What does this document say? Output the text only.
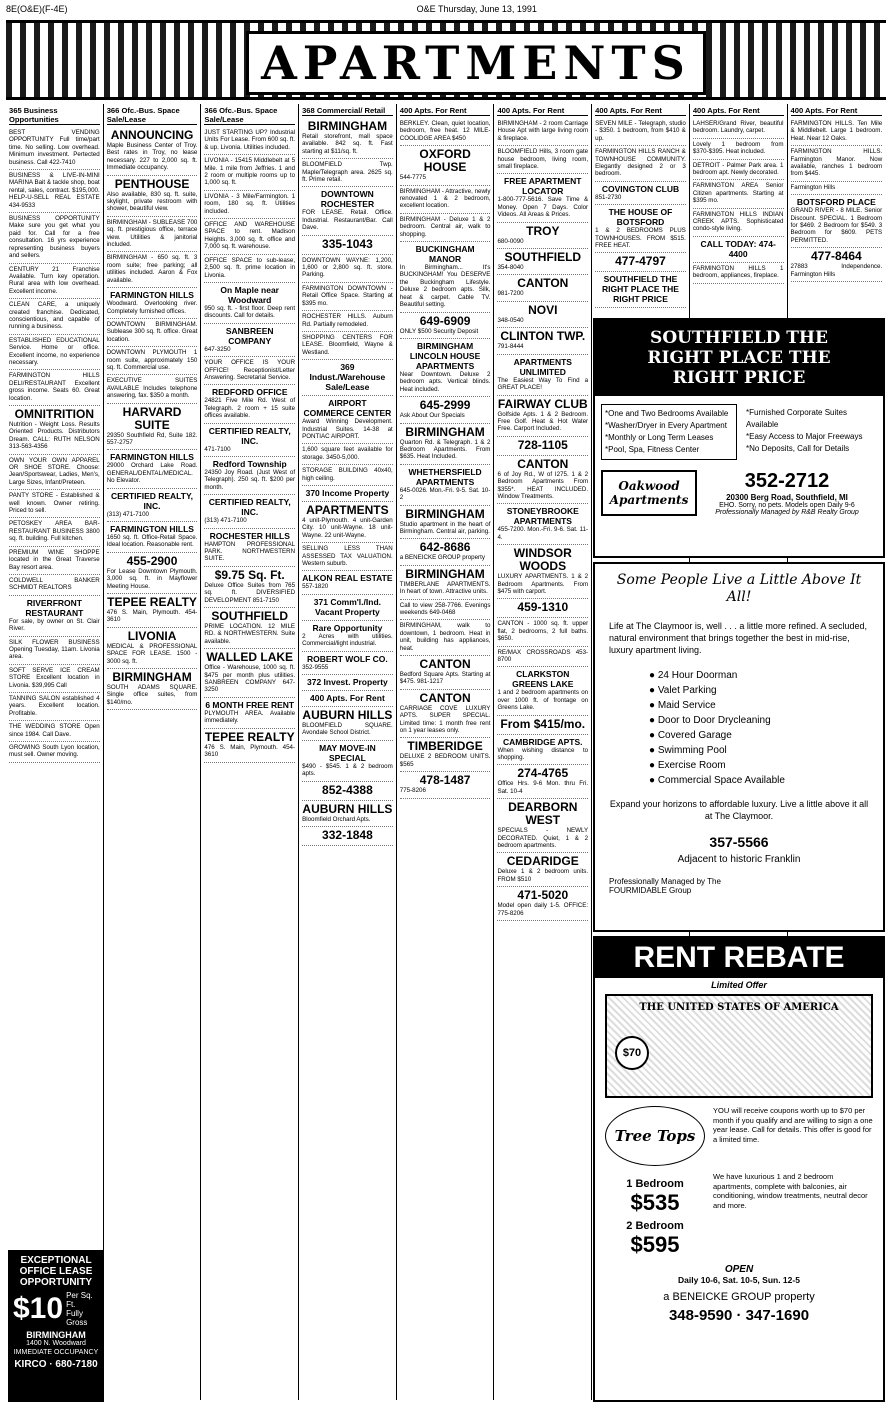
8E(O&E)(F-4E)	O&E Thursday, June 13, 1991
APARTMENTS
365 Business Opportunities
BEST VENDING OPPORTUNITY Full time/part time. No selling. Low overhead. Minimum investment. Pertected business. Call 422-7410
BUSINESS & LIVE-IN-MINI MARINA Bait & tackle shop, boat rental, sales, contract. $195,000. HELP-U-SELL REAL ESTATE 434-9533
BUSINESS OPPORTUNITY Make sure you get what you paid for. Call for a free consultation. 16 yrs experience representing business buyers and sellers.
CENTURY 21 Franchise Available. Turn key operation. Rural area with low overhead. Excellent income.
CLEAN CARE, a uniquely created franchise. Dedicated, conscientious, and capable of running a business.
ESTABLISHED EDUCATIONAL Service. Home or office. Excellent income, no experience necessary.
FARMINGTON HILLS DELI/RESTAURANT Excellent gross income. Seats 60. Great location.
OMNITRITION
Nutrition - Weight Loss. Results Oriented Products. Distributors Dream. CALL: RUTH NELSON 313-563-4356
OWN YOUR OWN APPAREL OR SHOE STORE. Choose: Jean/Sportswear, Ladies, Men's, Large Sizes, Infant/Preteen.
PANTY STORE - Established & well known. Owner retiring. Priced to sell.
PETOSKEY AREA BAR-RESTAURANT BUSINESS 3800 sq. ft. building. Full kitchen.
PREMIUM WINE SHOPPE located in the Great Traverse Bay resort area.
COLDWELL BANKER SCHMIDT REALTORS
RIVERFRONT RESTAURANT
For sale, by owner on St. Clair River.
SILK FLOWER BUSINESS Opening Tuesday, 11am. Livonia area.
SOFT SERVE ICE CREAM STORE Excellent location in Livonia. $39,995 Call
TANNING SALON established 4 years. Excellent location. Profitable.
THE WEDDING STORE Open since 1984. Call Dave.
GROWING South Lyon location, must sell. Owner moving.
366 Ofc.-Bus. Space Sale/Lease
ANNOUNCING
Maple Business Center of Troy. Best rates in Troy, no lease necessary. 227 to 2,000 sq. ft. Immediate occupancy.
PENTHOUSE
Also available, 830 sq. ft. suite, skylight, private restroom with shower, beautiful view.
BIRMINGHAM - SUBLEASE 700 sq. ft. prestigious office, terrace view. Utilities & janitorial included.
BIRMINGHAM - 650 sq. ft. 3 room suite; free parking; all utilities included. Aaron & Fox available.
FARMINGTON HILLS
Woodward. Overlooking river. Completely furnished offices.
DOWNTOWN BIRMINGHAM. Sublease 300 sq. ft. office. Great location.
DOWNTOWN PLYMOUTH 1 room suite, approximately 150 sq. ft. Commercial use.
EXECUTIVE SUITES AVAILABLE Includes telephone answering, fax. $350 a month.
HARVARD SUITE
29350 Southfield Rd, Suite 182. 557-2757
FARMINGTON HILLS
29000 Orchard Lake Road. GENERAL/DENTAL/MEDICAL. No Elevator.
CERTIFIED REALTY, INC.
(313) 471-7100
FARMINGTON HILLS
1650 sq. ft. Office-Retail Space. Ideal location. Reasonable rent.
455-2900
For Lease Downtown Plymouth. 3,000 sq. ft. in Mayflower Meeting House.
TEPEE REALTY
476 S. Main, Plymouth. 454-3610
LIVONIA
MEDICAL & PROFESSIONAL SPACE FOR LEASE. 1500 - 3000 sq. ft.
BIRMINGHAM
SOUTH ADAMS SQUARE. Single office suites, from $140/mo.
366 Ofc.-Bus. Space Sale/Lease
JUST STARTING UP? Industrial Units For Lease. From 600 sq. ft. & up. Livonia. Utilities included.
LIVONIA - 15415 Middlebelt at 5 Mile. 1 mile from Jeffries. 1 and 2 room or multiple rooms up to 1,000 sq. ft.
LIVONIA - 3 Mile/Farmington. 1 room, 180 sq. ft. Utilities included.
OFFICE AND WAREHOUSE SPACE to rent. Madison Heights. 3,000 sq. ft. office and 7,000 sq. ft. warehouse.
OFFICE SPACE to sub-lease, 2,500 sq. ft. prime location in Livonia.
On Maple near Woodward
950 sq. ft. - first floor. Deep rent discounts. Call for details.
SANBREEN COMPANY
647-3250
YOUR OFFICE IS YOUR OFFICE! Receptionist/Letter Answering. Secretarial Service.
REDFORD OFFICE
24821 Five Mile Rd. West of Telegraph. 2 room + 15 suite offices available.
CERTIFIED REALTY, INC.
471-7100
Redford Township
24350 Joy Road. (Just West of Telegraph). 250 sq. ft. $200 per month.
CERTIFIED REALTY, INC.
(313) 471-7100
ROCHESTER HILLS
HAMPTON PROFESSIONAL PARK. NORTHWESTERN SUITE.
$9.75 Sq. Ft.
Deluxe Office Suites from 765 sq. ft. DIVERSIFIED DEVELOPMENT 851-7150
SOUTHFIELD
PRIME LOCATION. 12 MILE RD. & NORTHWESTERN. Suite available.
WALLED LAKE
Office - Warehouse, 1000 sq. ft. $475 per month plus utilities. SANBREEN COMPANY 647-3250
6 MONTH FREE RENT
PLYMOUTH AREA. Available immediately.
TEPEE REALTY
476 S. Main, Plymouth. 454-3610
368 Commercial/ Retail
BIRMINGHAM
Retail storefront, mall space available. 842 sq. ft. Fast starting at $11/sq. ft.
BLOOMFIELD Twp. Maple/Telegraph area. 2625 sq. ft. Prime retail.
DOWNTOWN ROCHESTER
FOR LEASE. Retail. Office. Industrial. Restaurant/Bar. Call Dave.
335-1043
DOWNTOWN WAYNE: 1,200, 1,600 or 2,800 sq. ft. store. Parking.
FARMINGTON DOWNTOWN - Retail Office Space. Starting at $395 mo.
ROCHESTER HILLS. Auburn Rd. Partially remodeled.
SHOPPING CENTERS FOR LEASE. Bloomfield, Wayne & Westland.
369 Indust./Warehouse Sale/Lease
AIRPORT COMMERCE CENTER
Award Winning Development. Industrial Suites. 14-38 at PONTIAC AIRPORT.
1,600 square feet available for storage. 3450-5,000.
STORAGE BUILDING 40x40, high ceiling.
370 Income Property
APARTMENTS
4 unit-Plymouth. 4 unit-Garden City. 10 unit-Wayne. 18 unit-Wayne. 22 unit-Wayne.
SELLING LESS THAN ASSESSED TAX VALUATION. Western suburb.
ALKON REAL ESTATE
557-1820
371 Comm'l./Ind. Vacant Property
Rare Opportunity
2 Acres with utilities. Commercial/light industrial.
ROBERT WOLF CO.
352-9555
372 Invest. Property
400 Apts. For Rent
AUBURN HILLS
BLOOMFIELD SQUARE. Avondale School District.
MAY MOVE-IN SPECIAL
$490 - $545. 1 & 2 bedroom apts.
852-4388
AUBURN HILLS
Bloomfield Orchard Apts.
332-1848
400 Apts. For Rent
BERKLEY. Clean, quiet location, bedroom, free heat. 12 MILE-COOLIDGE AREA $450
OXFORD HOUSE
544-7775
BIRMINGHAM - Attractive, newly renovated 1 & 2 bedroom, excellent location.
BIRMINGHAM - Deluxe 1 & 2 bedroom. Central air, walk to shopping.
BUCKINGHAM MANOR
In Birmingham... It's BUCKINGHAM! You DESERVE the Buckingham Lifestyle. Deluxe 2 bedroom apts. Silk, heat & carpet. Cable TV. Beautiful setting.
649-6909
ONLY $500 Security Deposit
BIRMINGHAM LINCOLN HOUSE APARTMENTS
Near Downtown. Deluxe 2 bedroom apts. Vertical blinds. Heat included.
645-2999
Ask About Our Specials
BIRMINGHAM
Quarton Rd. & Telegraph. 1 & 2 Bedroom Apartments. From $635. Heat Included.
WHETHERSFIELD APARTMENTS
645-0026. Mon.-Fri. 9-5. Sat. 10-2
BIRMINGHAM
Studio apartment in the heart of Birmingham. Central air, parking.
642-8686
a BENEICKE GROUP property
BIRMINGHAM
TIMBERLANE APARTMENTS. In heart of town. Attractive units.
Call to view 258-7766. Evenings weekends 649-0468
BIRMINGHAM, walk to downtown, 1 bedroom. Heat in unit, building has appliances, heat.
CANTON
Bedford Square Apts. Starting at $475. 981-1217
CANTON
CARRIAGE COVE LUXURY APTS. SUPER SPECIAL. Limited time: 1 month free rent on 1 year leases only.
TIMBERIDGE
DELUXE 2 BEDROOM UNITS. $565
478-1487
775-8206
400 Apts. For Rent
BIRMINGHAM - 2 room Carriage House Apt with large living room & fireplace.
BLOOMFIELD Hills, 3 room gate house bedroom, living room, small fireplace.
FREE APARTMENT LOCATOR
1-800-777-5616. Save Time & Money. Open 7 Days. Color Videos. All Areas & Prices.
TROY
680-0090
SOUTHFIELD
354-8040
CANTON
981-7200
NOVI
348-0540
CLINTON TWP.
791-8444
APARTMENTS UNLIMITED
The Easiest Way To Find a GREAT PLACE!
FAIRWAY CLUB
Golfside Apts. 1 & 2 Bedroom. Free Golf. Heat & Hot Water Free. Carport Included.
728-1105
CANTON
6 of Joy Rd., W of I275. 1 & 2 Bedroom Apartments From $355*. HEAT INCLUDED. Window Treatments.
STONEYBROOKE APARTMENTS
455-7200. Mon.-Fri. 9-6. Sat. 11-4.
WINDSOR WOODS
LUXURY APARTMENTS. 1 & 2 Bedroom Apartments. From $475 with carport.
459-1310
CANTON - 1000 sq. ft. upper flat, 2 bedrooms, 2 full baths. $650.
RE/MAX CROSSROADS 453-8700
CLARKSTON GREENS LAKE
1 and 2 bedroom apartments on over 1000 ft. of frontage on Greens Lake.
From $415/mo.
CAMBRIDGE APTS.
When wishing distance to shopping.
274-4765
Office Hrs. 9-6 Mon. thru Fri. Sat. 10-4
DEARBORN WEST
SPECIALS - NEWLY DECORATED. Quiet, 1 & 2 bedroom apartments.
CEDARIDGE
Deluxe 1 & 2 bedroom units. FROM $510
471-5020
Model open daily 1-5. OFFICE: 775-8206
400 Apts. For Rent
SEVEN MILE - Telegraph, studio - $350. 1 bedroom, from $410 & up.
FARMINGTON HILLS RANCH & TOWNHOUSE COMMUNITY. Elegantly designed 2 or 3 bedroom.
COVINGTON CLUB
851-2730
THE HOUSE OF BOTSFORD
1 & 2 BEDROOMS PLUS TOWNHOUSES. FROM $515. FREE HEAT.
477-4797
SOUTHFIELD THE RIGHT PLACE THE RIGHT PRICE
400 Apts. For Rent
LAHSER/Grand River, beautiful bedroom. Laundry, carpet.
Lovely 1 bedroom from $370-$395. Heat included.
DETROIT - Palmer Park area. 1 bedroom apt. Newly decorated.
FARMINGTON AREA Senior Citizen apartments. Starting at $395 mo.
FARMINGTON HILLS INDIAN CREEK APTS. Sophisticated condo-style living.
CALL TODAY: 474-4400
FARMINGTON HILLS 1 bedroom, appliances, fireplace.
400 Apts. For Rent
FARMINGTON HILLS. Ten Mile & Middlebelt. Large 1 bedroom. Heat. Near 12 Oaks.
FARMINGTON HILLS. Farmington Manor. Now available, ranches 1 bedroom from $445.
Farmington Hills
BOTSFORD PLACE
GRAND RIVER - 8 MILE. Senior Discount. SPECIAL. 1 Bedroom for $469. 2 Bedroom for $549. 3 Bedroom for $609. PETS PERMITTED.
477-8464
27883 Independence. Farmington Hills
EXCEPTIONAL OFFICE LEASE OPPORTUNITY
$10 Per Sq. Ft.
Fully Gross
BIRMINGHAM
1400 N. Woodward
IMMEDIATE OCCUPANCY
KIRCO · 680-7180
SOUTHFIELD THE RIGHT PLACE THE RIGHT PRICE
*One and Two Bedrooms Available
*Washer/Dryer in Every Apartment
*Monthly or Long Term Leases
*Pool, Spa, Fitness Center
*Furnished Corporate Suites Available
*Easy Access to Major Freeways
*No Deposits, Call for Details
Oakwood Apartments
352-2712
20300 Berg Road, Southfield, MI
EHO. Sorry, no pets. Models open Daily 9-6
Professionally Managed by R&B Realty Group
Some People Live a Little Above It All!
Life at The Claymoor is, well . . . a little more refined. A secluded, natural environment that brings together the best in mid-rise, luxury apartment living.
● 24 Hour Doorman
● Valet Parking
● Maid Service
● Door to Door Drycleaning
● Covered Garage
● Swimming Pool
● Exercise Room
● Commercial Space Available
Expand your horizons to affordable luxury. Live a little above it all at The Claymoor.
357-5566
Adjacent to historic Franklin
Professionally Managed by The FOURMIDABLE Group
RENT REBATE
Limited Offer
THE UNITED STATES OF AMERICA
$70
Tree Tops
YOU will receive coupons worth up to $70 per month if you qualify and are willing to sign a one year lease. Call for details. This offer is good for a limited time.
1 Bedroom
$535
2 Bedroom
$595
We have luxurious 1 and 2 bedroom apartments, complete with balconies, air conditioning, window treatments, neutral decor and more.
OPEN
Daily 10-6, Sat. 10-5, Sun. 12-5
a BENEICKE GROUP property
348-9590 · 347-1690
